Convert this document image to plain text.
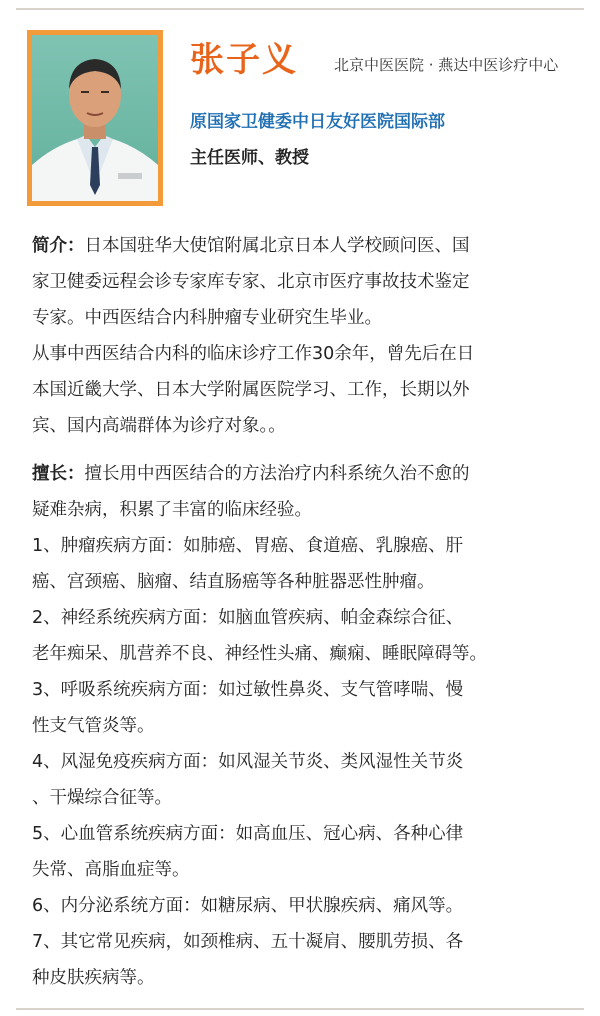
张子义 北京中医医院 · 燕达中医诊疗中心
原国家卫健委中日友好医院国际部
主任医师、教授

简介：日本国驻华大使馆附属北京日本人学校顾问医、国

家卫健委远程会诊专家库专家、北京市医疗事故技术鉴定

专家。中西医结合内科肿瘤专业研究生毕业。

从事中西医结合内科的临床诊疗工作30余年，曾先后在日

本国近畿大学、日本大学附属医院学习、工作，长期以外

宾、国内高端群体为诊疗对象。。

擅长：擅长用中西医结合的方法治疗内科系统久治不愈的

疑难杂病，积累了丰富的临床经验。

1、肿瘤疾病方面：如肺癌、胃癌、食道癌、乳腺癌、肝

癌、宫颈癌、脑瘤、结直肠癌等各种脏器恶性肿瘤。

2、神经系统疾病方面：如脑血管疾病、帕金森综合征、

老年痴呆、肌营养不良、神经性头痛、癫痫、睡眠障碍等。

3、呼吸系统疾病方面：如过敏性鼻炎、支气管哮喘、慢

性支气管炎等。

4、风湿免疫疾病方面：如风湿关节炎、类风湿性关节炎

、干燥综合征等。

5、心血管系统疾病方面：如高血压、冠心病、各种心律

失常、高脂血症等。

6、内分泌系统方面：如糖尿病、甲状腺疾病、痛风等。

7、其它常见疾病，如颈椎病、五十凝肩、腰肌劳损、各

种皮肤疾病等。
